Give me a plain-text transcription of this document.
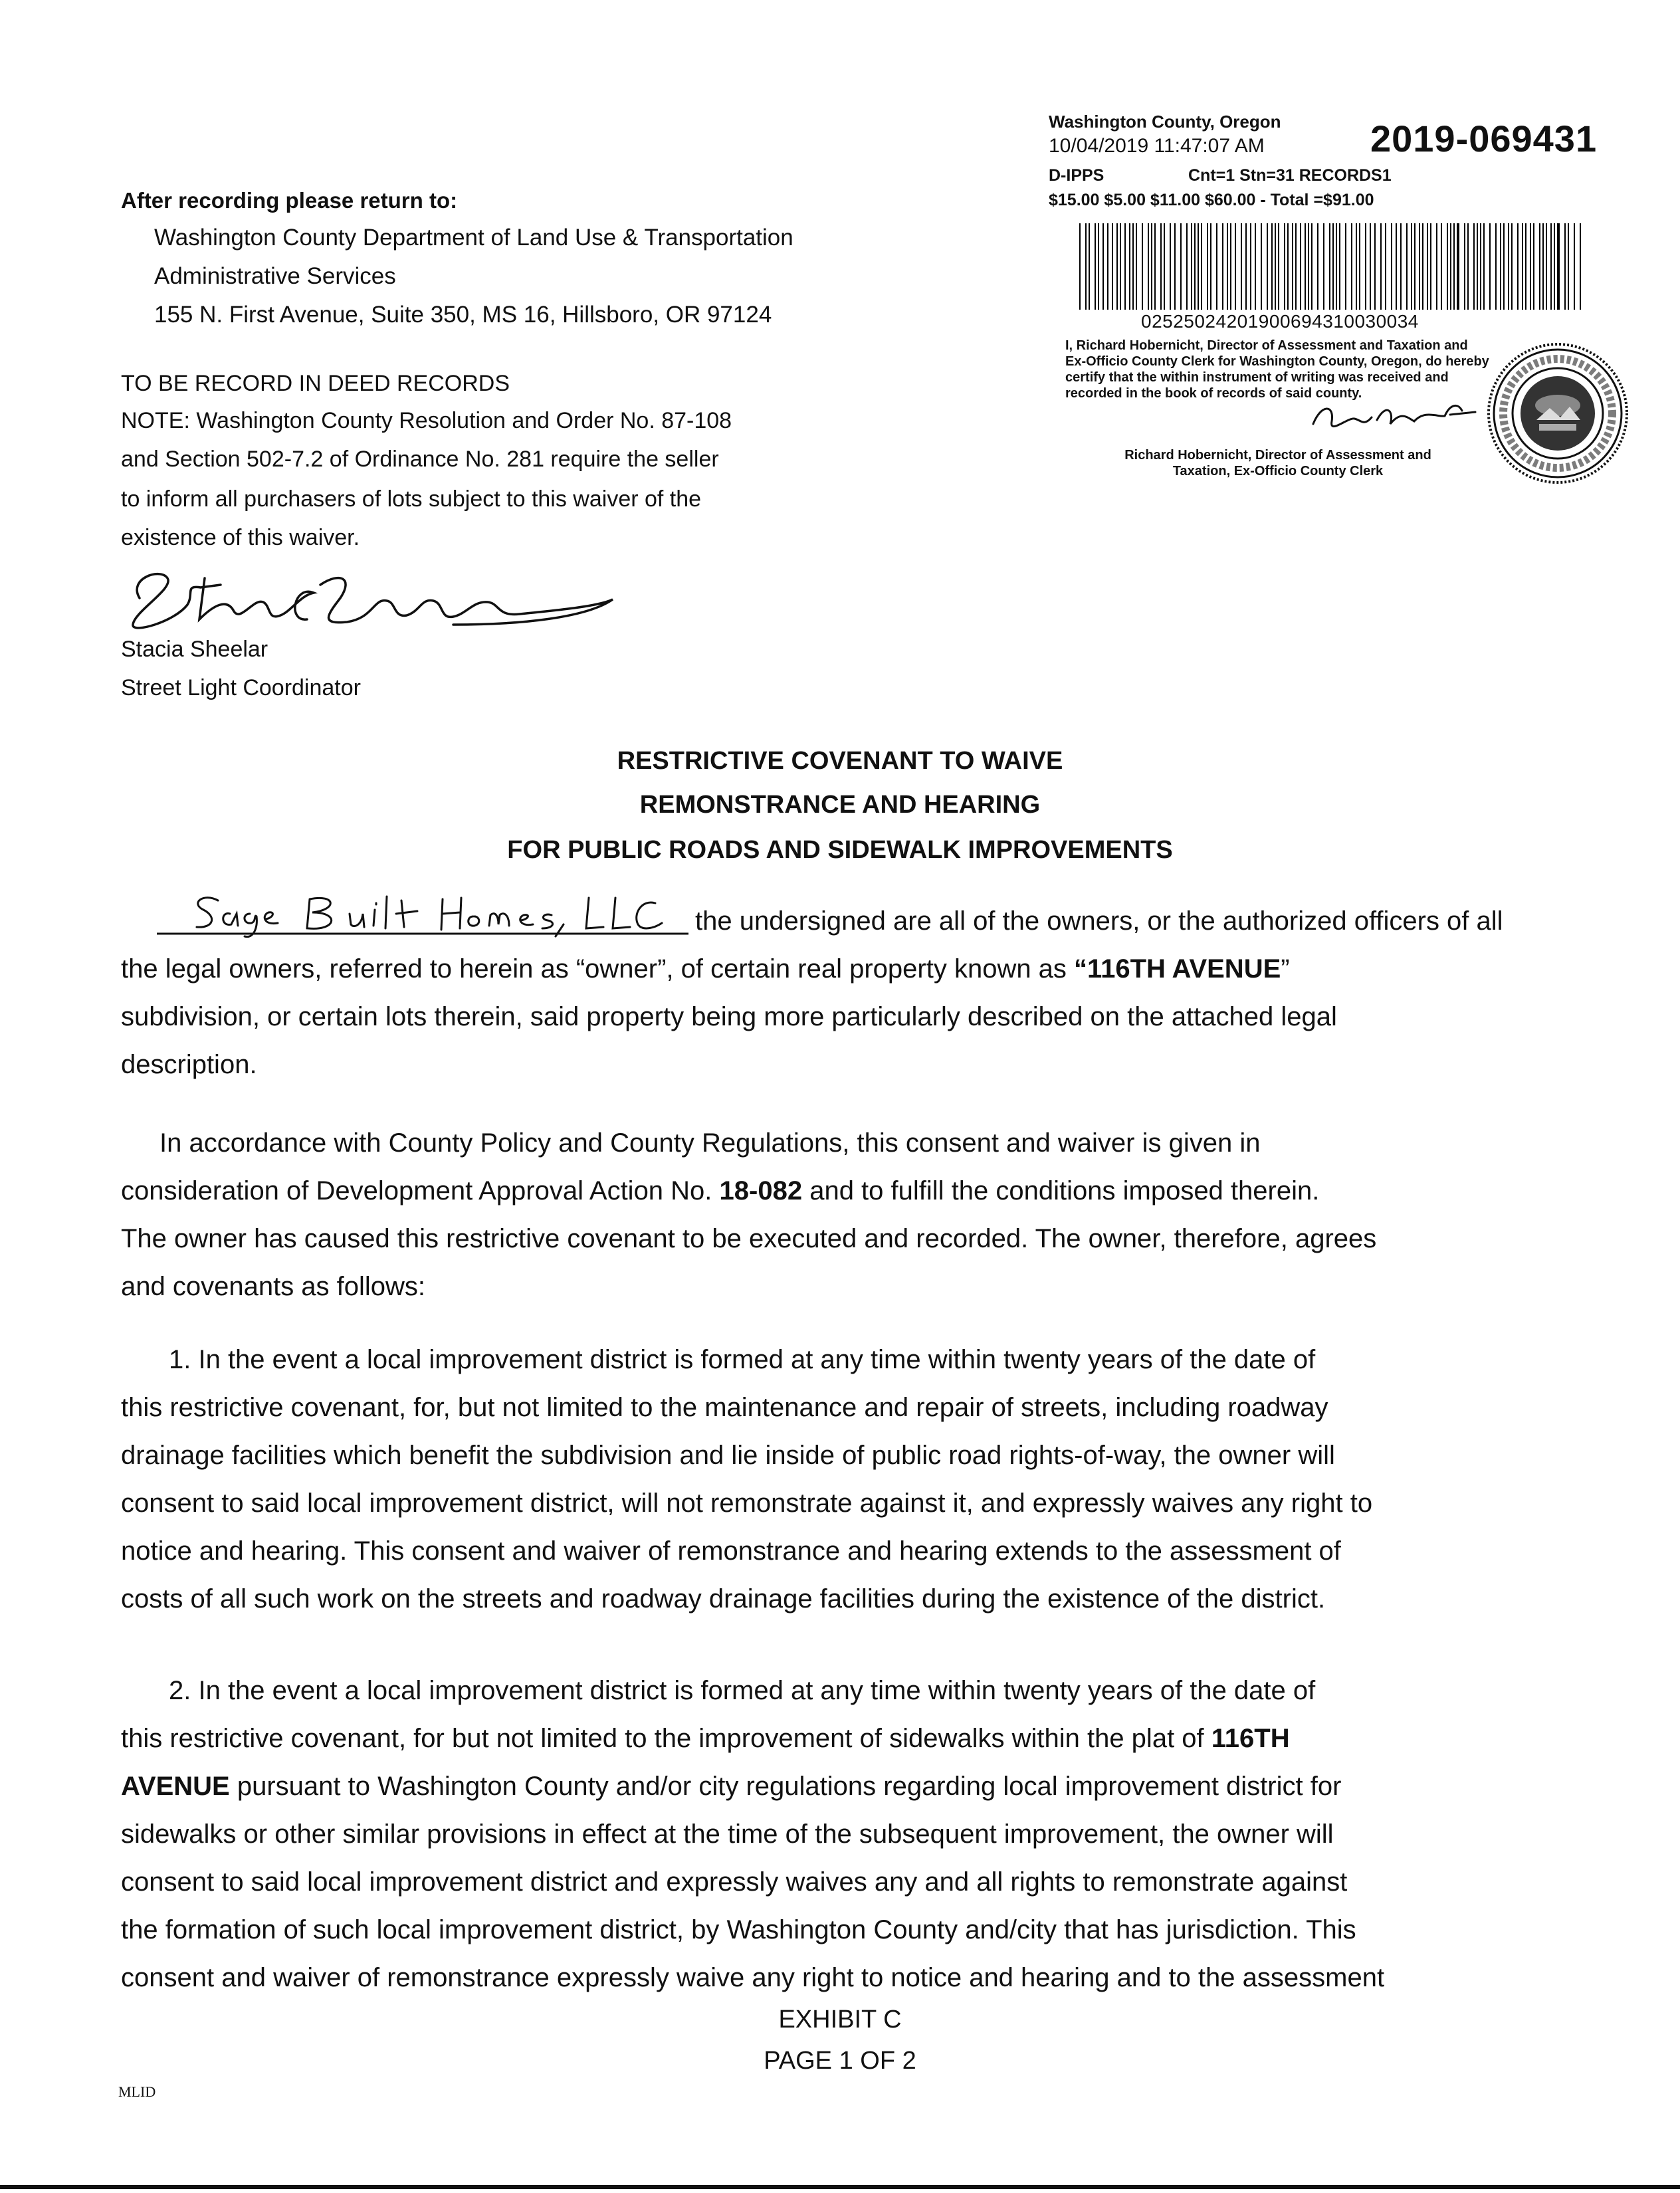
Washington County, Oregon
10/04/2019 11:47:07 AM	2019-069431
D-IPPS	Cnt=1 Stn=31 RECORDS1
$15.00 $5.00 $11.00 $60.00 - Total =$91.00
02525024201900694310030034
I, Richard Hobernicht, Director of Assessment and Taxation and Ex-Officio County Clerk for Washington County, Oregon, do hereby certify that the within instrument of writing was received and recorded in the book of records of said county.
Richard Hobernicht, Director of Assessment and
Taxation, Ex-Officio County Clerk
After recording please return to:
Washington County Department of Land Use & Transportation
Administrative Services
155 N. First Avenue, Suite 350, MS 16, Hillsboro, OR 97124
TO BE RECORD IN DEED RECORDS
NOTE: Washington County Resolution and Order No. 87-108
and Section 502-7.2 of Ordinance No. 281 require the seller
to inform all purchasers of lots subject to this waiver of the
existence of this waiver.
Stacia Sheelar
Street Light Coordinator
RESTRICTIVE COVENANT TO WAIVE
REMONSTRANCE AND HEARING
FOR PUBLIC ROADS AND SIDEWALK IMPROVEMENTS
the undersigned are all of the owners, or the authorized officers of all
the legal owners, referred to herein as “owner”, of certain real property known as “116TH AVENUE”
subdivision, or certain lots therein, said property being more particularly described on the attached legal
description.
In accordance with County Policy and County Regulations, this consent and waiver is given in
consideration of Development Approval Action No. 18-082 and to fulfill the conditions imposed therein.
The owner has caused this restrictive covenant to be executed and recorded. The owner, therefore, agrees
and covenants as follows:
1. In the event a local improvement district is formed at any time within twenty years of the date of
this restrictive covenant, for, but not limited to the maintenance and repair of streets, including roadway
drainage facilities which benefit the subdivision and lie inside of public road rights-of-way, the owner will
consent to said local improvement district, will not remonstrate against it, and expressly waives any right to
notice and hearing. This consent and waiver of remonstrance and hearing extends to the assessment of
costs of all such work on the streets and roadway drainage facilities during the existence of the district.
2. In the event a local improvement district is formed at any time within twenty years of the date of
this restrictive covenant, for but not limited to the improvement of sidewalks within the plat of 116TH
AVENUE pursuant to Washington County and/or city regulations regarding local improvement district for
sidewalks or other similar provisions in effect at the time of the subsequent improvement, the owner will
consent to said local improvement district and expressly waives any and all rights to remonstrate against
the formation of such local improvement district, by Washington County and/city that has jurisdiction. This
consent and waiver of remonstrance expressly waive any right to notice and hearing and to the assessment
EXHIBIT C
PAGE 1 OF 2
MLID
